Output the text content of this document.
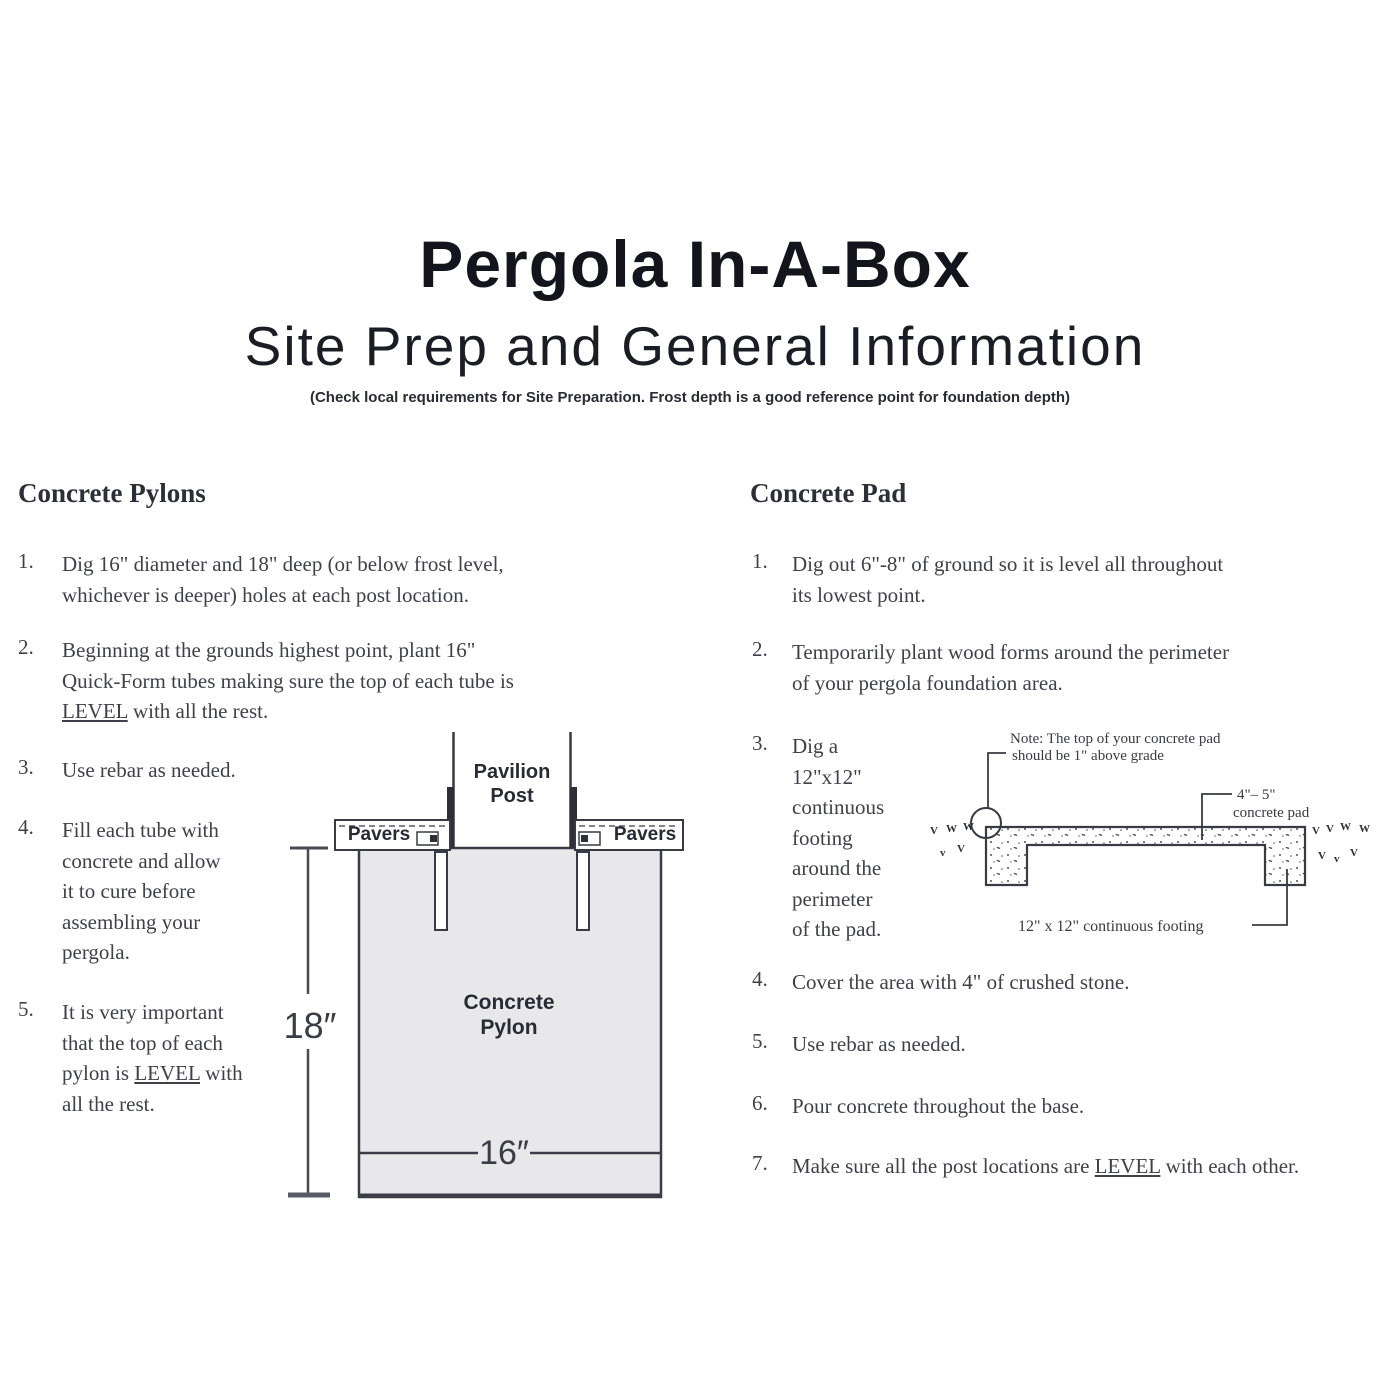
Pergola In-A-Box
Site Prep and General Information
(Check local requirements for Site Preparation. Frost depth is a good reference point for foundation depth)
Concrete Pylons
1. Dig 16" diameter and 18" deep (or below frost level,
whichever is deeper) holes at each post location.
2. Beginning at the grounds highest point, plant 16"
Quick-Form tubes making sure the top of each tube is
LEVEL with all the rest.
3. Use rebar as needed.
4. Fill each tube with
concrete and allow
it to cure before
assembling your
pergola.
5. It is very important
that the top of each
pylon is LEVEL with
all the rest.
Concrete Pad
1. Dig out 6"-8" of ground so it is level all throughout
its lowest point.
2. Temporarily plant wood forms around the perimeter
of your pergola foundation area.
3. Dig a
12"x12"
continuous
footing
around the
perimeter
of the pad.
4. Cover the area with 4" of crushed stone.
5. Use rebar as needed.
6. Pour concrete throughout the base.
7. Make sure all the post locations are LEVEL with each other.
Pavilion Post
Pavers	Pavers
Concrete Pylon
18″
16″
Note: The top of your concrete pad
should be 1" above grade
4"– 5"
concrete pad
12" x 12" continuous footing
V W W
v V
V V W W
V v V
